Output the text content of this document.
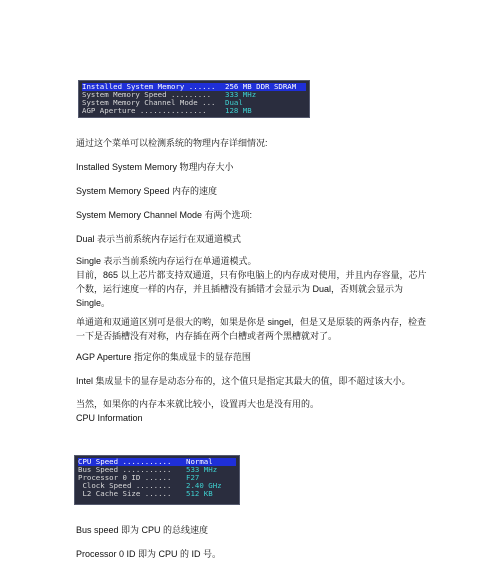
Installed System Memory ......	256 MB DDR SDRAM
System Memory Speed .........	333 MHz
System Memory Channel Mode ...	Dual
AGP Aperture ...............	128 MB
通过这个菜单可以检测系统的物理内存详细情况:
Installed System Memory 物理内存大小
System Memory Speed 内存的速度
System Memory Channel Mode 有两个选项:
Dual 表示当前系统内存运行在双通道模式
Single 表示当前系统内存运行在单通道模式。
目前，865 以上芯片都支持双通道，只有你电脑上的内存成对使用，并且内存容量，芯片
个数，运行速度一样的内存，并且插槽没有插错才会显示为 Dual，否则就会显示为
Single。
单通道和双通道区别可是很大的哟，如果是你是 singel，但是又是原装的两条内存，检查
一下是否插槽没有对称，内存插在两个白槽或者两个黑槽就对了。
AGP Aperture 指定你的集成显卡的显存范围
Intel 集成显卡的显存是动态分布的，这个值只是指定其最大的值，即不超过该大小。
当然，如果你的内存本来就比较小，设置再大也是没有用的。
CPU Information
CPU Speed ...........	Normal
Bus Speed ...........	533 MHz
Processor 0 ID ......	F27
Clock Speed ........	2.40 GHz
L2 Cache Size ......	512 KB
Bus speed 即为 CPU 的总线速度
Processor 0 ID 即为 CPU 的 ID 号。
